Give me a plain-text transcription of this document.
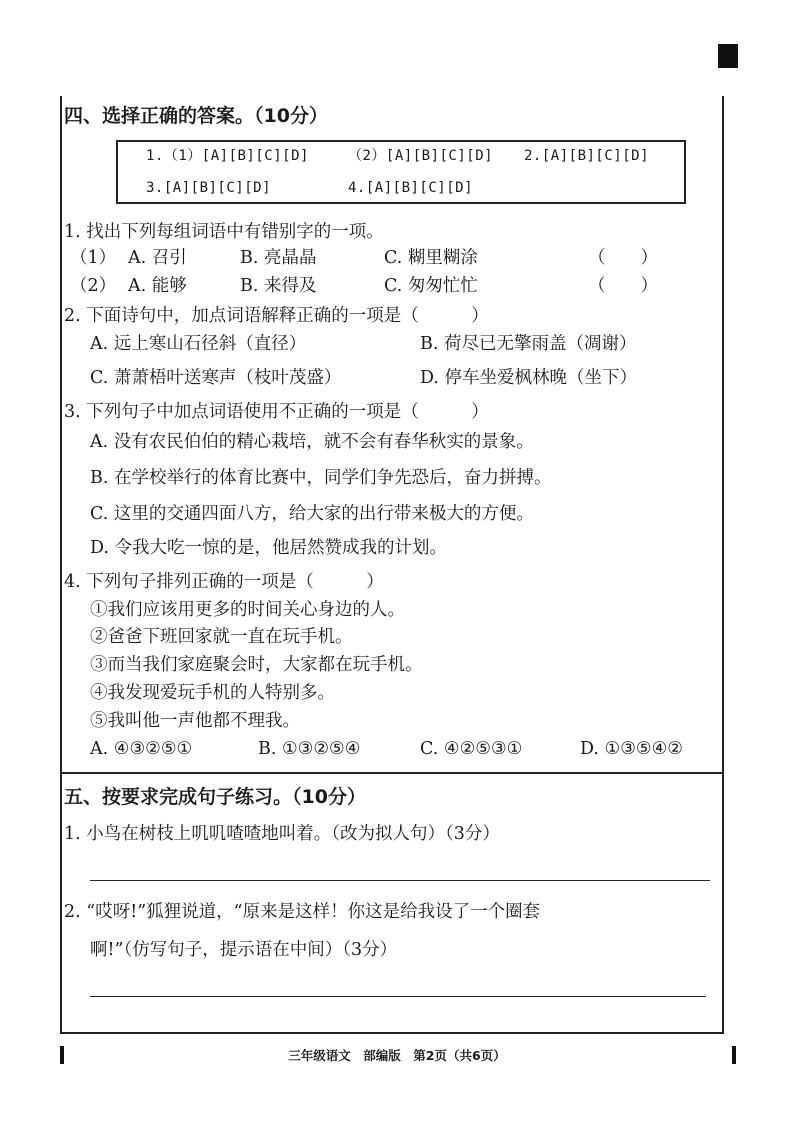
四、选择正确的答案。（10分）
1.（1）[A][B][C][D]	（2）[A][B][C][D] 2.[A][B][C][D]
3.[A][B][C][D]	4.[A][B][C][D]
1. 找出下列每组词语中有错别字的一项。
（1） A. 召引	B. 亮晶晶	C. 糊里糊涂	（　　）
（2） A. 能够	B. 来得及	C. 匆匆忙忙	（　　）
2. 下面诗句中，加点词语解释正确的一项是（　　　）
A. 远上寒山石径斜（直径）	B. 荷尽已无擎雨盖（凋谢）
C. 萧萧梧叶送寒声（枝叶茂盛）	D. 停车坐爱枫林晚（坐下）
3. 下列句子中加点词语使用不正确的一项是（　　　）
A. 没有农民伯伯的精心栽培，就不会有春华秋实的景象。
B. 在学校举行的体育比赛中，同学们争先恐后，奋力拼搏。
C. 这里的交通四面八方，给大家的出行带来极大的方便。
D. 令我大吃一惊的是，他居然赞成我的计划。
4. 下列句子排列正确的一项是（　　　）
①我们应该用更多的时间关心身边的人。
②爸爸下班回家就一直在玩手机。
③而当我们家庭聚会时，大家都在玩手机。
④我发现爱玩手机的人特别多。
⑤我叫他一声他都不理我。
A. ④③②⑤①	B. ①③②⑤④	C. ④②⑤③①	D. ①③⑤④②
五、按要求完成句子练习。（10分）
1. 小鸟在树枝上叽叽喳喳地叫着。（改为拟人句）（3分）
2. “哎呀!”狐狸说道，“原来是这样！你这是给我设了一个圈套
啊!”（仿写句子，提示语在中间）（3分）
三年级语文　部编版　第2页（共6页）
